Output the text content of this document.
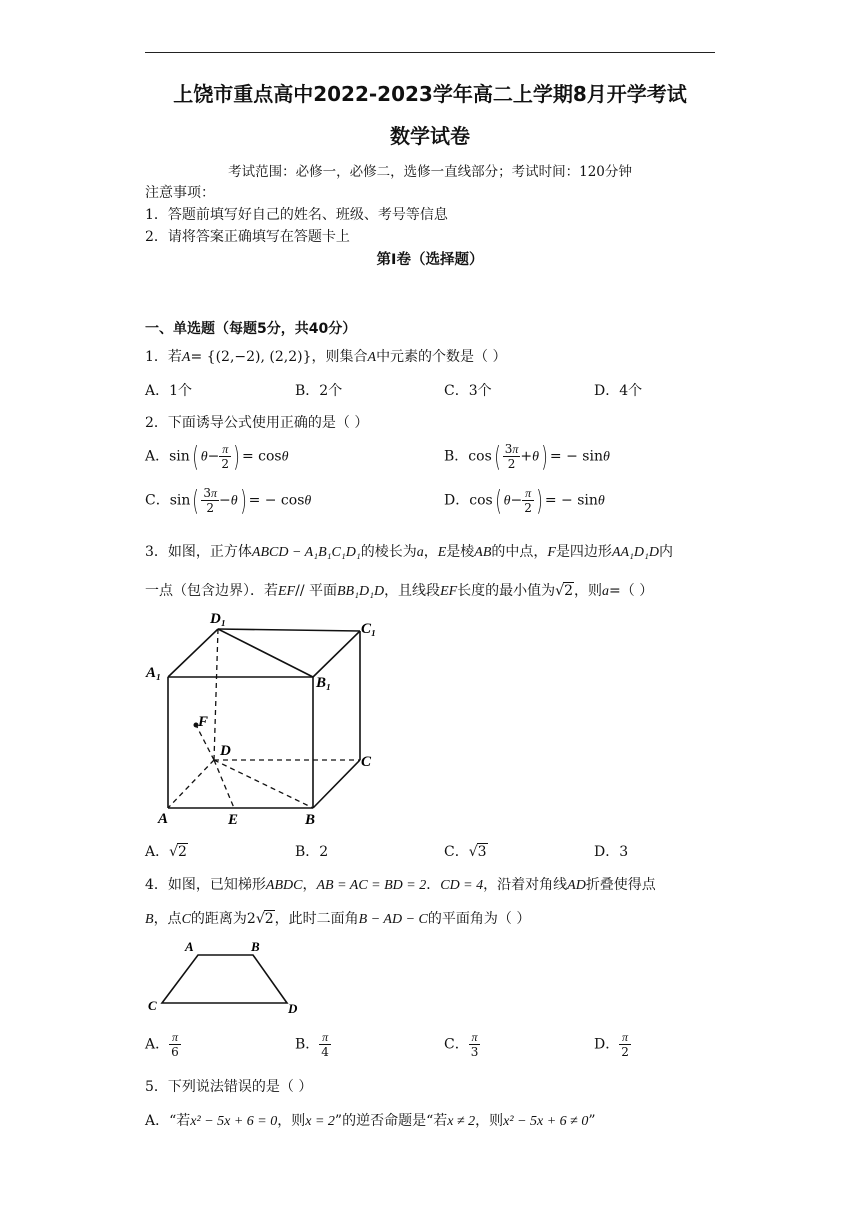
上饶市重点高中2022-2023学年高二上学期8月开学考试
数学试卷
考试范围：必修一，必修二，选修一直线部分；考试时间：120分钟
注意事项：
1．答题前填写好自己的姓名、班级、考号等信息
2．请将答案正确填写在答题卡上
第I卷（选择题）
一、单选题（每题5分，共40分）
1．若A= {(2,−2), (2,2)}，则集合A中元素的个数是（ ）
A．1个	B．2个	C．3个	D．4个
2．下面诱导公式使用正确的是（ ）
A．sin( $\theta- \frac{\pi}{2}$ ) = cosθ	B．$\cos( \frac{3\pi}{2} +\theta)$ = − sinθ
C．$\sin( \frac{3\pi}{2} -\theta)$ = − cosθ	D．cos( $\theta- \frac{\pi}{2}$ ) = − sinθ
3．如图，正方体ABCD − A₁B₁C₁D₁的棱长为a，E是棱AB的中点，F是四边形AA₁D₁D内
一点（包含边界）．若EF// 平面BB₁D₁D，且线段EF长度的最小值为√2，则a=（ ）
D₁
C₁
A₁
B₁
F
D
C
A	E	B
A．√2	B．2	C．√3	D．3
4．如图，已知梯形ABDC，AB = AC = BD = 2．CD = 4，沿着对角线AD折叠使得点
B，点C的距离为2√2，此时二面角B − AD − C的平面角为（ ）
A	B
C	D
A． $\frac{\pi}{6}$	B． $\frac{\pi}{4}$	C． $\frac{\pi}{3}$	D． $\frac{\pi}{2}$
5．下列说法错误的是（ ）
A．“若x² − 5x + 6 = 0，则x = 2”的逆否命题是“若x ≠ 2，则x² − 5x + 6 ≠ 0”
